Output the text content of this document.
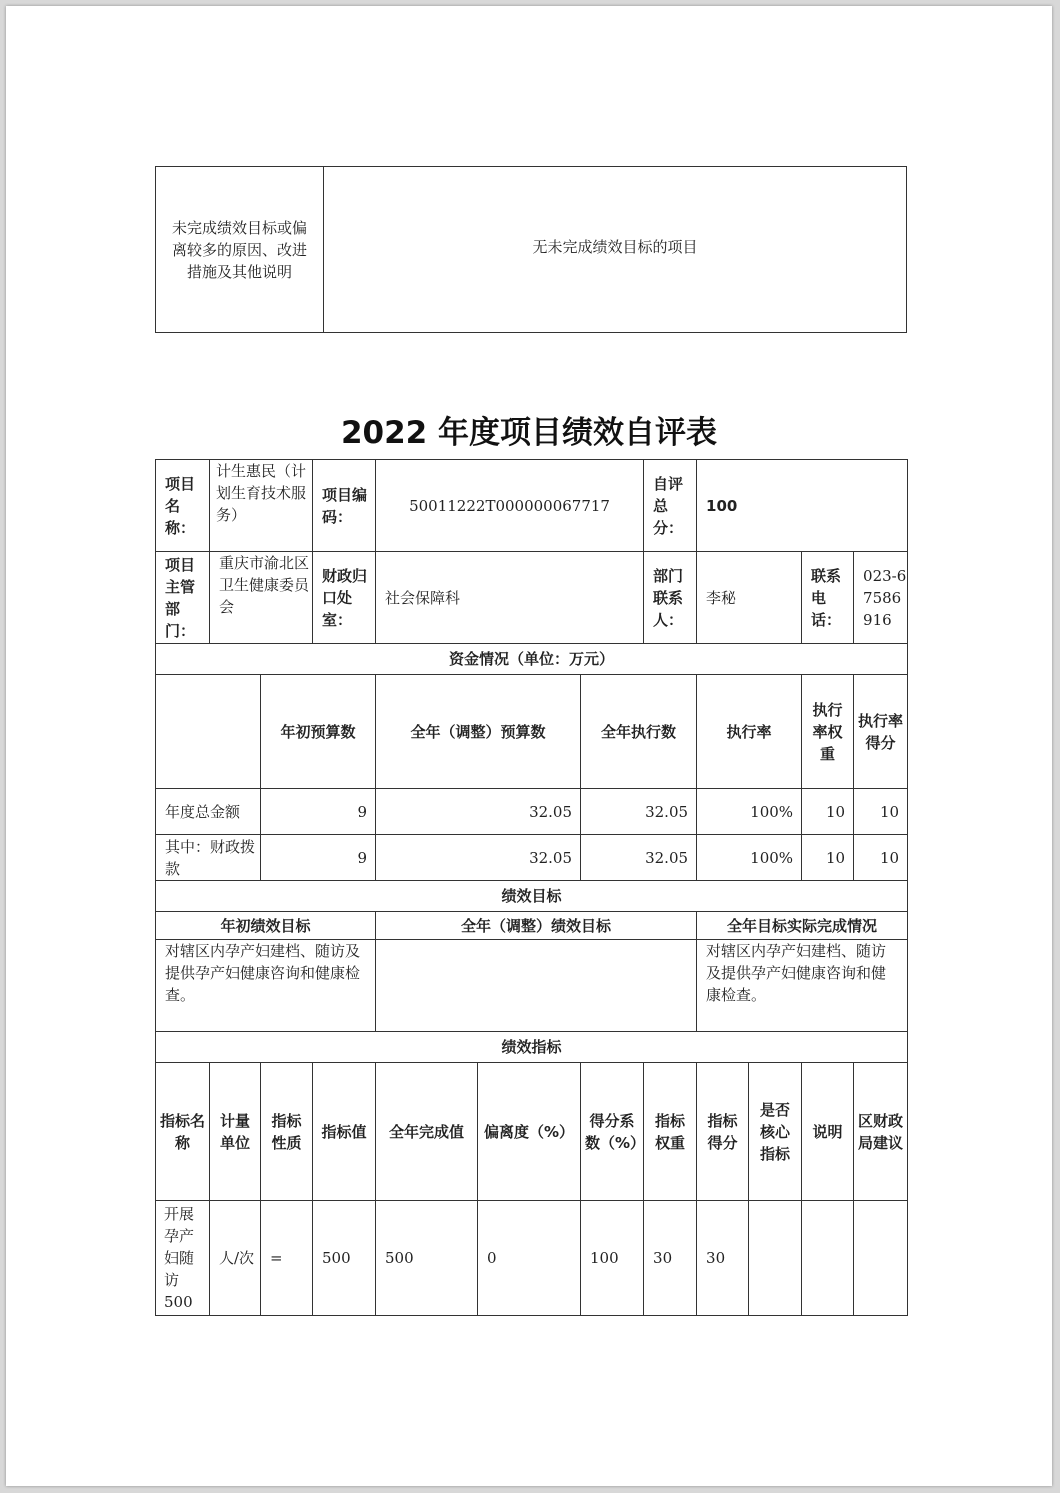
未完成绩效目标或偏离较多的原因、改进措施及其他说明	无未完成绩效目标的项目
2022 年度项目绩效自评表
项目名称：	计生惠民（计划生育技术服务）		项目编码：	50011222T000000067717			自评总分：	100			
项目主管部门：	重庆市渝北区卫生健康委员会		财政归口处室：	社会保障科			部门联系人：	李秘		联系电话：	023-67586916
资金情况（单位：万元）											
		年初预算数		全年（调整）预算数		全年执行数		执行率		执行率权重	执行率得分
年度总金额		9		32.05		32.05		100%		10	10
其中：财政拨款		9		32.05		32.05		100%		10	10
绩效目标											
年初绩效目标				全年（调整）绩效目标				全年目标实际完成情况			
对辖区内孕产妇建档、随访及提供孕产妇健康咨询和健康检查。								对辖区内孕产妇建档、随访及提供孕产妇健康咨询和健康检查。			
绩效指标											
指标名称	计量单位	指标性质	指标值	全年完成值	偏离度（%）	得分系数（%）	指标权重	指标得分	是否核心指标	说明	区财政局建议
开展孕产妇随访500	人/次	=	500	500	0	100	30	30			
